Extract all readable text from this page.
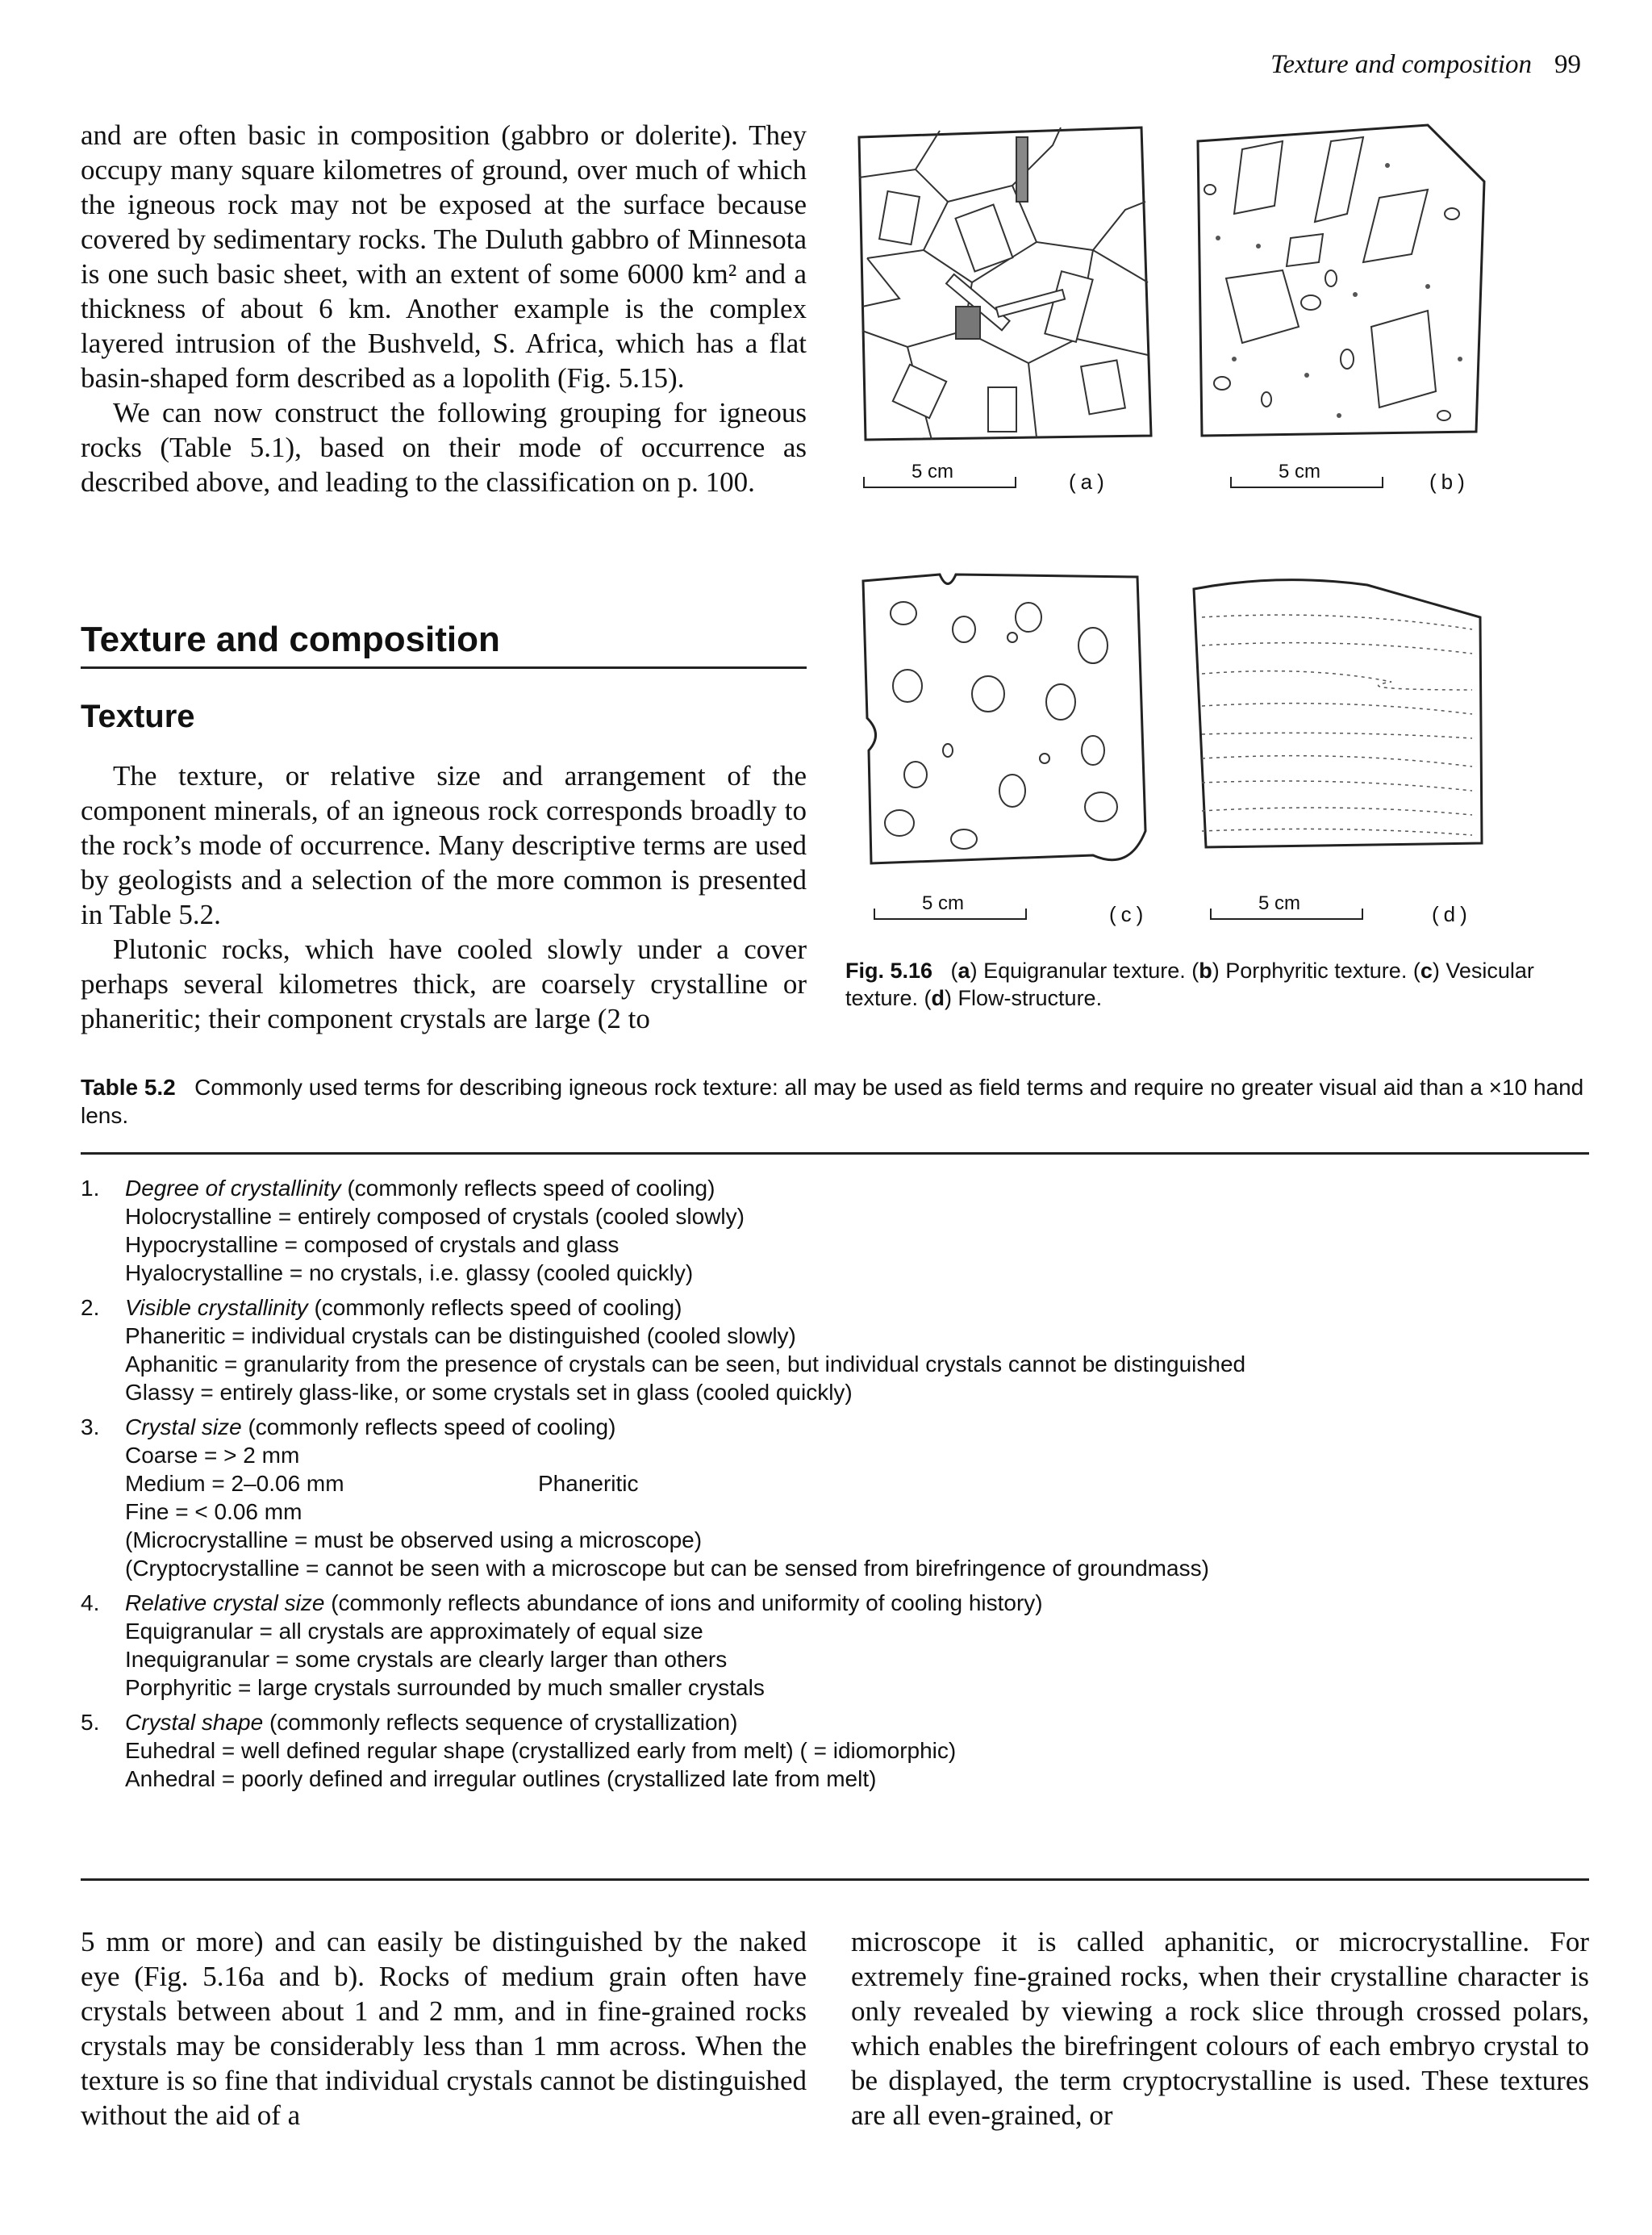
Texture and composition 99

and are often basic in composition (gabbro or dolerite). They occupy many square kilometres of ground, over much of which the igneous rock may not be exposed at the surface because covered by sedimentary rocks. The Duluth gabbro of Minnesota is one such basic sheet, with an extent of some 6000 km² and a thickness of about 6 km. Another example is the complex layered intrusion of the Bushveld, S. Africa, which has a flat basin-shaped form described as a lopolith (Fig. 5.15).

We can now construct the following grouping for igneous rocks (Table 5.1), based on their mode of occurrence as described above, and leading to the classification on p. 100.

Texture and composition
Texture

The texture, or relative size and arrangement of the component minerals, of an igneous rock corresponds broadly to the rock’s mode of occurrence. Many descriptive terms are used by geologists and a selection of the more common is presented in Table 5.2.

Plutonic rocks, which have cooled slowly under a cover perhaps several kilometres thick, are coarsely crystalline or phaneritic; their component crystals are large (2 to

5 cm	(a)	5 cm	(b)
5 cm	(c)	5 cm	(d)
Fig. 5.16   (a) Equigranular texture. (b) Porphyritic texture. (c) Vesicular texture. (d) Flow-structure.
Table 5.2 Commonly used terms for describing igneous rock texture: all may be used as field terms and require no greater visual aid than a ×10 hand lens.
1.	Degree of crystallinity (commonly reflects speed of cooling)
Holocrystalline = entirely composed of crystals (cooled slowly)
Hypocrystalline = composed of crystals and glass
Hyalocrystalline = no crystals, i.e. glassy (cooled quickly)
2.	Visible crystallinity (commonly reflects speed of cooling)
Phaneritic = individual crystals can be distinguished (cooled slowly)
Aphanitic = granularity from the presence of crystals can be seen, but individual crystals cannot be distinguished
Glassy = entirely glass-like, or some crystals set in glass (cooled quickly)
3.	Crystal size (commonly reflects speed of cooling)
Coarse = > 2 mm
Medium = 2–0.06 mm	Phaneritic
Fine = < 0.06 mm
(Microcrystalline = must be observed using a microscope)
(Cryptocrystalline = cannot be seen with a microscope but can be sensed from birefringence of groundmass)
4.	Relative crystal size (commonly reflects abundance of ions and uniformity of cooling history)
Equigranular = all crystals are approximately of equal size
Inequigranular = some crystals are clearly larger than others
Porphyritic = large crystals surrounded by much smaller crystals
5.	Crystal shape (commonly reflects sequence of crystallization)
Euhedral = well defined regular shape (crystallized early from melt) ( = idiomorphic)
Anhedral = poorly defined and irregular outlines (crystallized late from melt)

5 mm or more) and can easily be distinguished by the naked eye (Fig. 5.16a and b). Rocks of medium grain often have crystals between about 1 and 2 mm, and in fine-grained rocks crystals may be considerably less than 1 mm across. When the texture is so fine that individual crystals cannot be distinguished without the aid of a

microscope it is called aphanitic, or microcrystalline. For extremely fine-grained rocks, when their crystalline character is only revealed by viewing a rock slice through crossed polars, which enables the birefringent colours of each embryo crystal to be displayed, the term cryptocrystalline is used. These textures are all even-grained, or
